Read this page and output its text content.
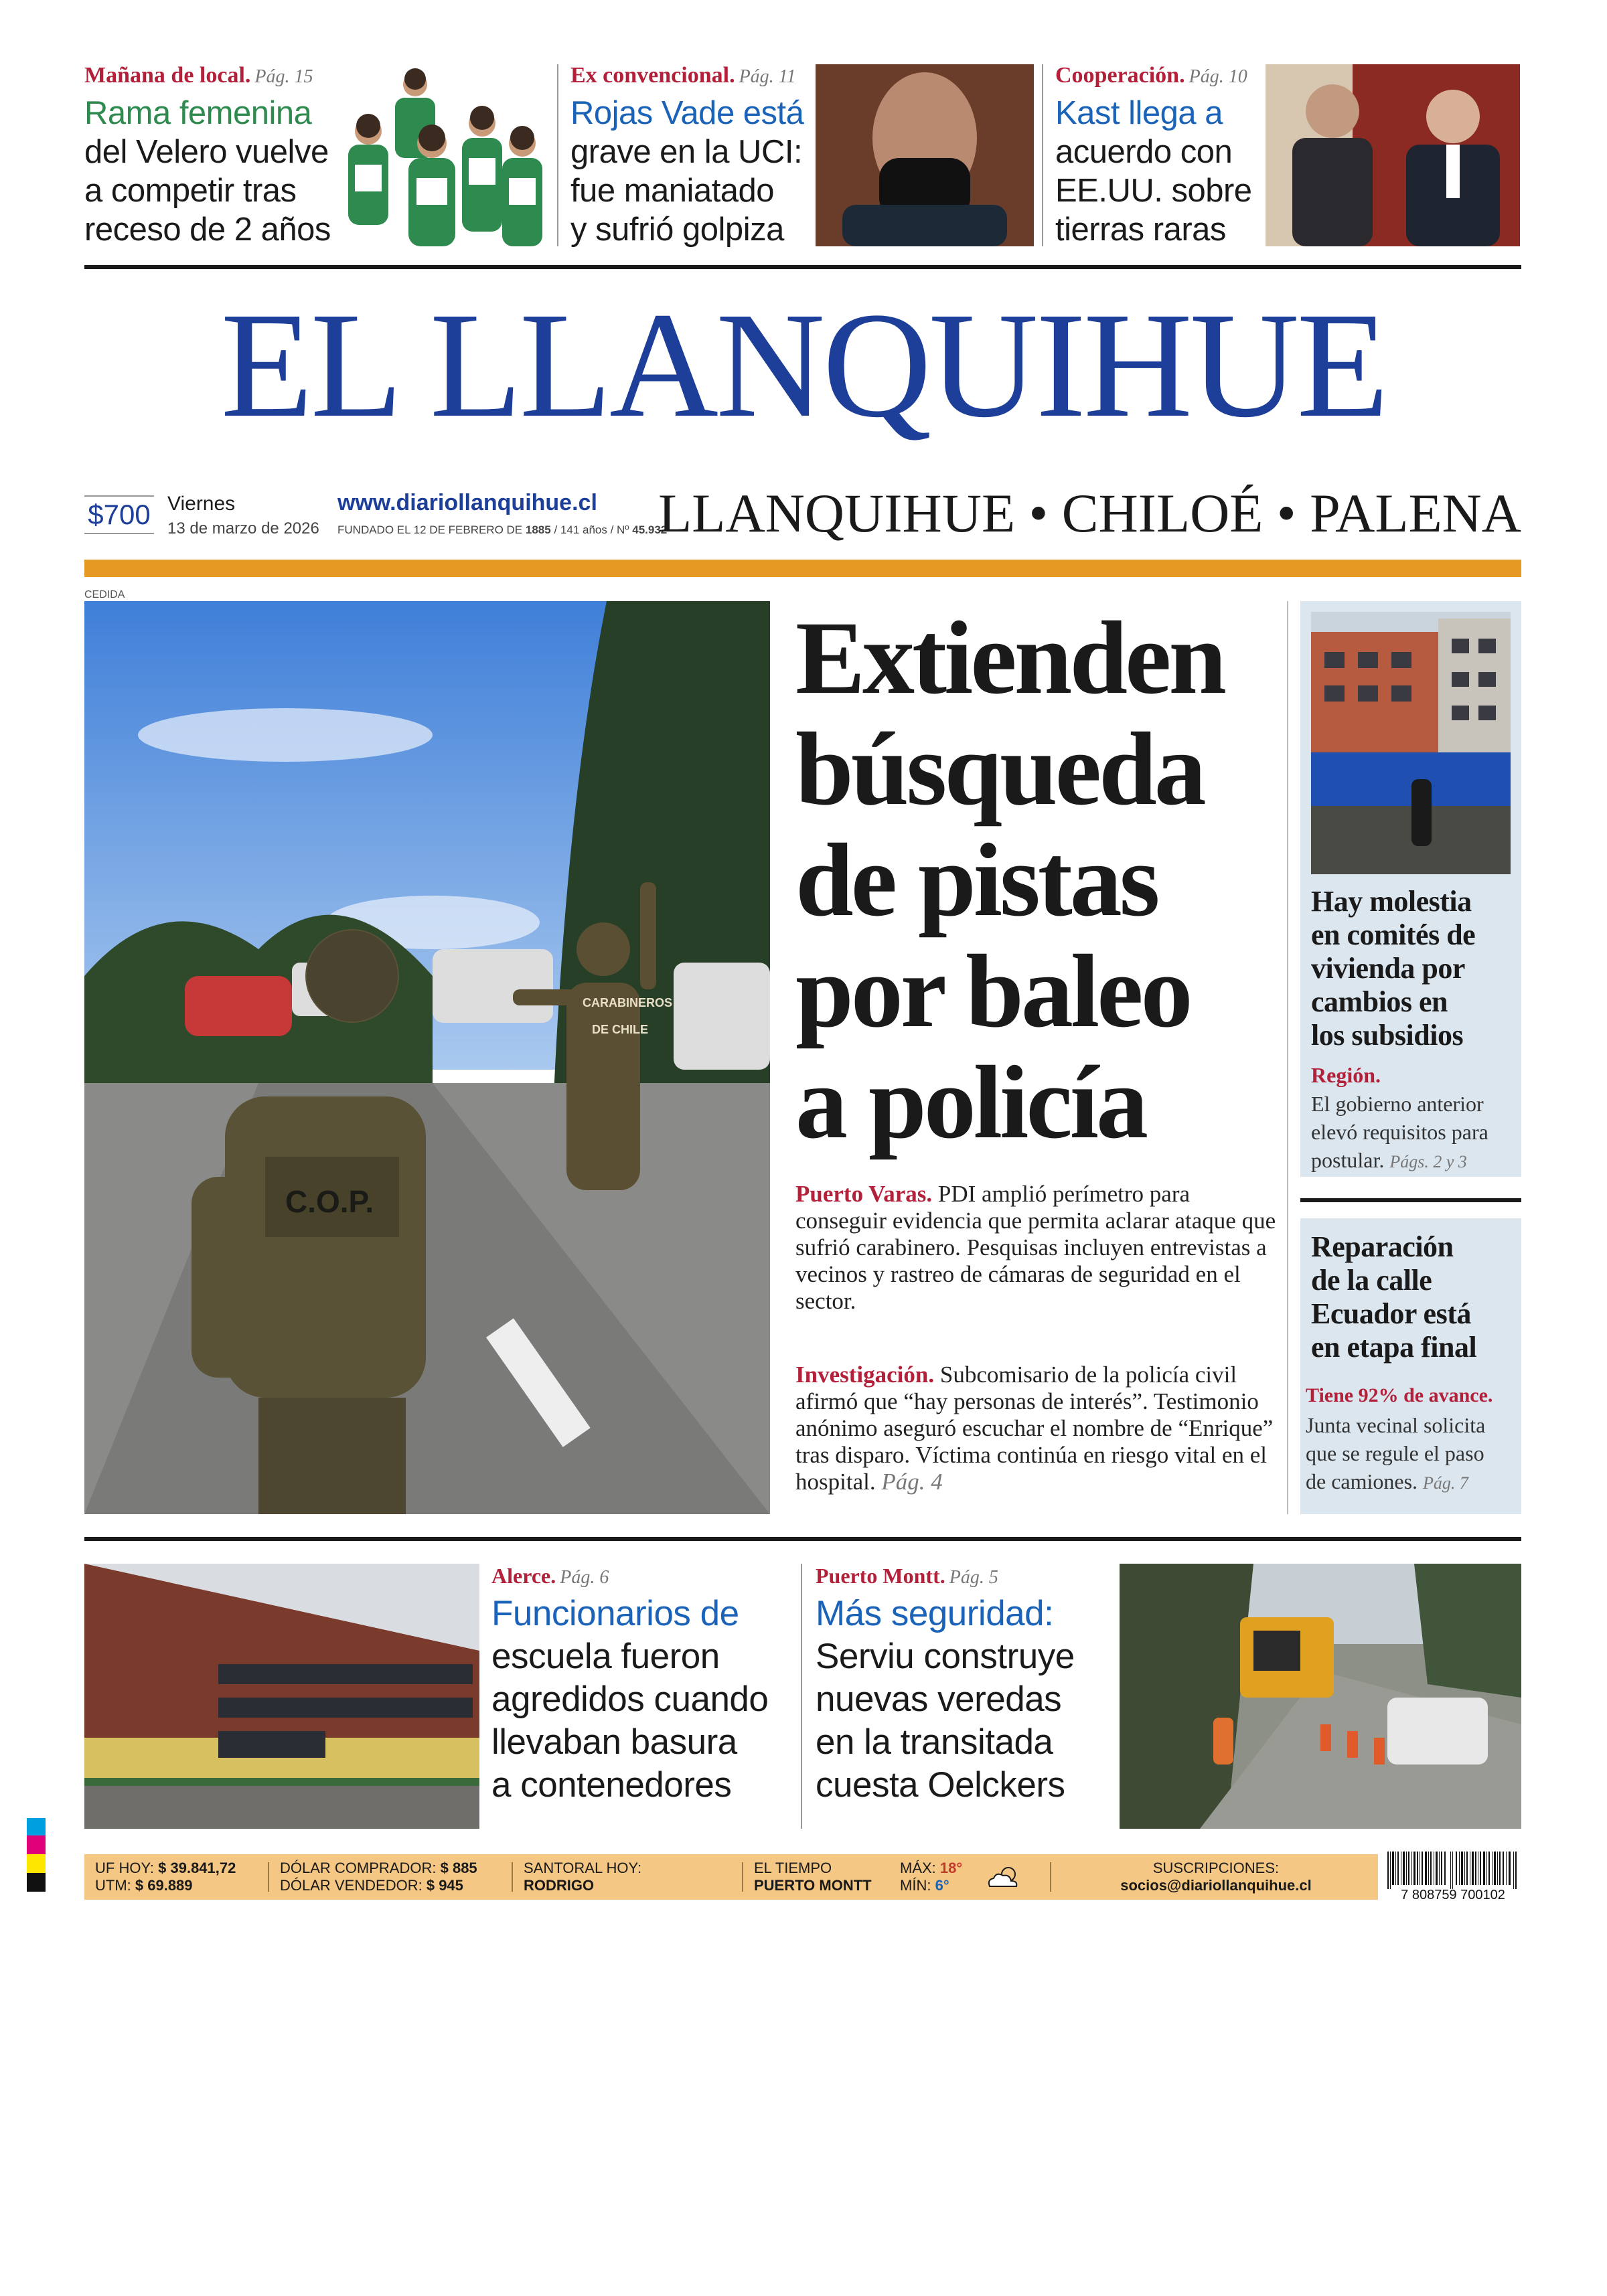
Mañana de local. Pág. 15
Rama femenina
del Velero vuelve
a competir tras
receso de 2 años
Ex convencional. Pág. 11
Rojas Vade está
grave en la UCI:
fue maniatado
y sufrió golpiza
Cooperación. Pág. 10
Kast llega a
acuerdo con
EE.UU. sobre
tierras raras
EL LLANQUIHUE
$700 Viernes
13 de marzo de 2026
www.diariollanquihue.cl
FUNDADO EL 12 DE FEBRERO DE 1885 / 141 años / Nº 45.932
LLANQUIHUE • CHILOÉ • PALENA
CEDIDA
C.O.P.
CARABINEROS
DE CHILE
Extienden
búsqueda
de pistas
por baleo
a policía
Puerto Varas. PDI amplió perímetro para conseguir evidencia que permita aclarar ataque que sufrió carabinero. Pesquisas incluyen entrevistas a vecinos y rastreo de cámaras de seguridad en el sector.
Investigación. Subcomisario de la policía civil afirmó que “hay personas de interés”. Testimonio anónimo aseguró escuchar el nombre de “Enrique” tras disparo. Víctima continúa en riesgo vital en el hospital. Pág. 4
Hay molestia
en comités de
vivienda por
cambios en
los subsidios
Región.
El gobierno anterior
elevó requisitos para
postular. Págs. 2 y 3
Reparación
de la calle
Ecuador está
en etapa final
Tiene 92% de avance.
Junta vecinal solicita
que se regule el paso
de camiones. Pág. 7
Alerce. Pág. 6
Funcionarios de
escuela fueron
agredidos cuando
llevaban basura
a contenedores
Puerto Montt. Pág. 5
Más seguridad:
Serviu construye
nuevas veredas
en la transitada
cuesta Oelckers
UF HOY: $ 39.841,72
UTM: $ 69.889
DÓLAR COMPRADOR: $ 885
DÓLAR VENDEDOR: $ 945
SANTORAL HOY:
RODRIGO
EL TIEMPO
PUERTO MONTT
MÁX: 18°
MÍN: 6°
SUSCRIPCIONES:
socios@diariollanquihue.cl
7 808759 700102
